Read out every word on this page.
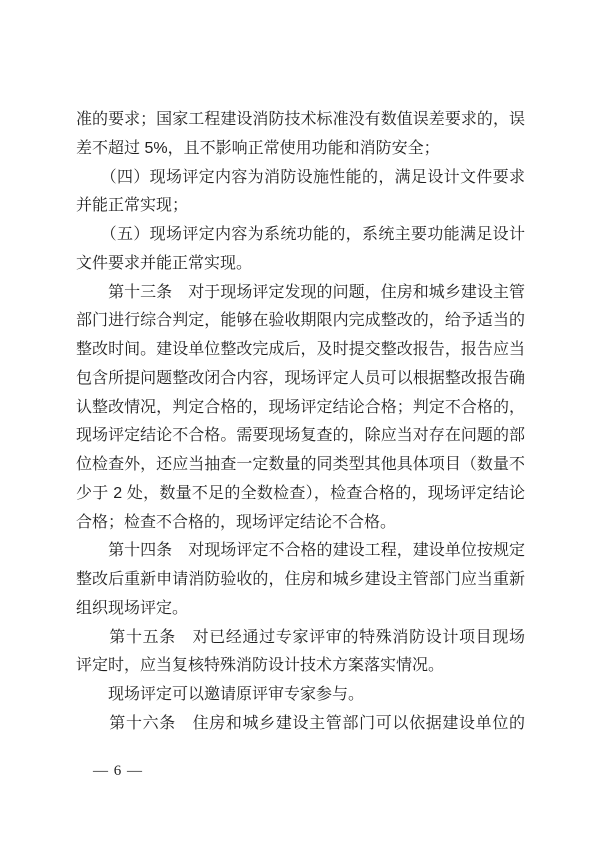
准的要求；国家工程建设消防技术标准没有数值误差要求的，误
差不超过 5%，且不影响正常使用功能和消防安全；
　　（四）现场评定内容为消防设施性能的，满足设计文件要求
并能正常实现；
　　（五）现场评定内容为系统功能的，系统主要功能满足设计
文件要求并能正常实现。
　　第十三条　对于现场评定发现的问题，住房和城乡建设主管
部门进行综合判定，能够在验收期限内完成整改的，给予适当的
整改时间。建设单位整改完成后，及时提交整改报告，报告应当
包含所提问题整改闭合内容，现场评定人员可以根据整改报告确
认整改情况，判定合格的，现场评定结论合格；判定不合格的，
现场评定结论不合格。需要现场复查的，除应当对存在问题的部
位检查外，还应当抽查一定数量的同类型其他具体项目（数量不
少于 2 处，数量不足的全数检查），检查合格的，现场评定结论
合格；检查不合格的，现场评定结论不合格。
　　第十四条　对现场评定不合格的建设工程，建设单位按规定
整改后重新申请消防验收的，住房和城乡建设主管部门应当重新
组织现场评定。
　　第十五条　对已经通过专家评审的特殊消防设计项目现场
评定时，应当复核特殊消防设计技术方案落实情况。
　　现场评定可以邀请原评审专家参与。
　　第十六条　住房和城乡建设主管部门可以依据建设单位的
— 6 —
